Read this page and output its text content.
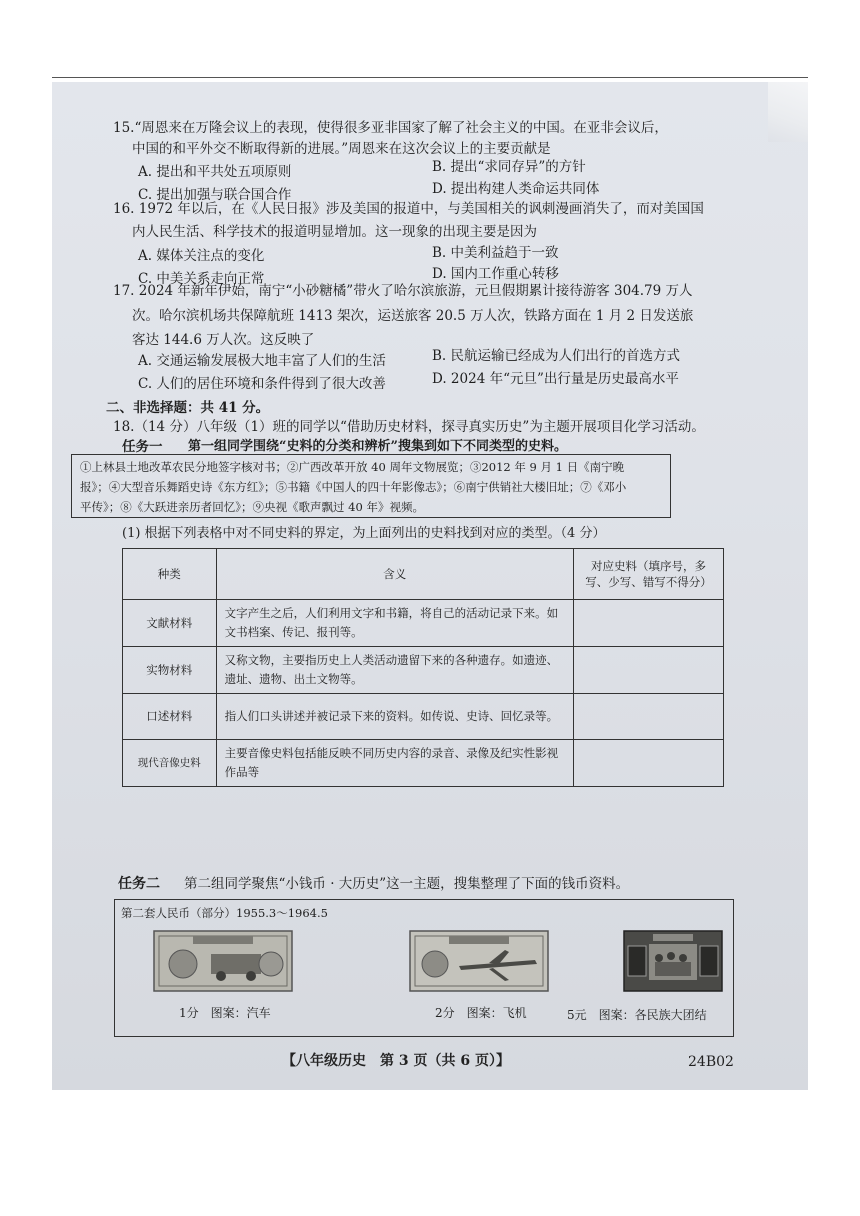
15.“周恩来在万隆会议上的表现，使得很多亚非国家了解了社会主义的中国。在亚非会议后，
中国的和平外交不断取得新的进展。”周恩来在这次会议上的主要贡献是
A. 提出和平共处五项原则	B. 提出“求同存异”的方针
C. 提出加强与联合国合作	D. 提出构建人类命运共同体
16. 1972 年以后，在《人民日报》涉及美国的报道中，与美国相关的讽刺漫画消失了，而对美国国
内人民生活、科学技术的报道明显增加。这一现象的出现主要是因为
A. 媒体关注点的变化	B. 中美利益趋于一致
C. 中美关系走向正常	D. 国内工作重心转移
17. 2024 年新年伊始，南宁“小砂糖橘”带火了哈尔滨旅游，元旦假期累计接待游客 304.79 万人
次。哈尔滨机场共保障航班 1413 架次，运送旅客 20.5 万人次，铁路方面在 1 月 2 日发送旅
客达 144.6 万人次。这反映了
A. 交通运输发展极大地丰富了人们的生活	B. 民航运输已经成为人们出行的首选方式
C. 人们的居住环境和条件得到了很大改善	D. 2024 年“元旦”出行量是历史最高水平
二、非选择题：共 41 分。
18.（14 分）八年级（1）班的同学以“借助历史材料，探寻真实历史”为主题开展项目化学习活动。
任务一 第一组同学围绕“史料的分类和辨析”搜集到如下不同类型的史料。
①上林县土地改革农民分地签字核对书；②广西改革开放 40 周年文物展览；③2012 年 9 月 1 日《南宁晚
报》；④大型音乐舞蹈史诗《东方红》；⑤书籍《中国人的四十年影像志》；⑥南宁供销社大楼旧址；⑦《邓小
平传》；⑧《大跃进亲历者回忆》；⑨央视《歌声飘过 40 年》视频。
(1) 根据下列表格中对不同史料的界定，为上面列出的史料找到对应的类型。（4 分）
种类	含义	对应史料（填序号，多
写、少写、错写不得分）

文献材料	文字产生之后，人们利用文字和书籍，将自己的活动记录下来。如文书档案、传记、报刊等。	
实物材料	又称文物，主要指历史上人类活动遗留下来的各种遗存。如遗迹、遗址、遗物、出土文物等。	
口述材料	指人们口头讲述并被记录下来的资料。如传说、史诗、回忆录等。	
现代音像史料	主要音像史料包括能反映不同历史内容的录音、录像及纪实性影视作品等	
任务二 第二组同学聚焦“小钱币 · 大历史”这一主题，搜集整理了下面的钱币资料。
第二套人民币（部分）1955.3～1964.5
1分　图案：汽车	2分　图案：飞机	5元　图案：各民族大团结
【八年级历史　第 3 页（共 6 页）】	24B02
